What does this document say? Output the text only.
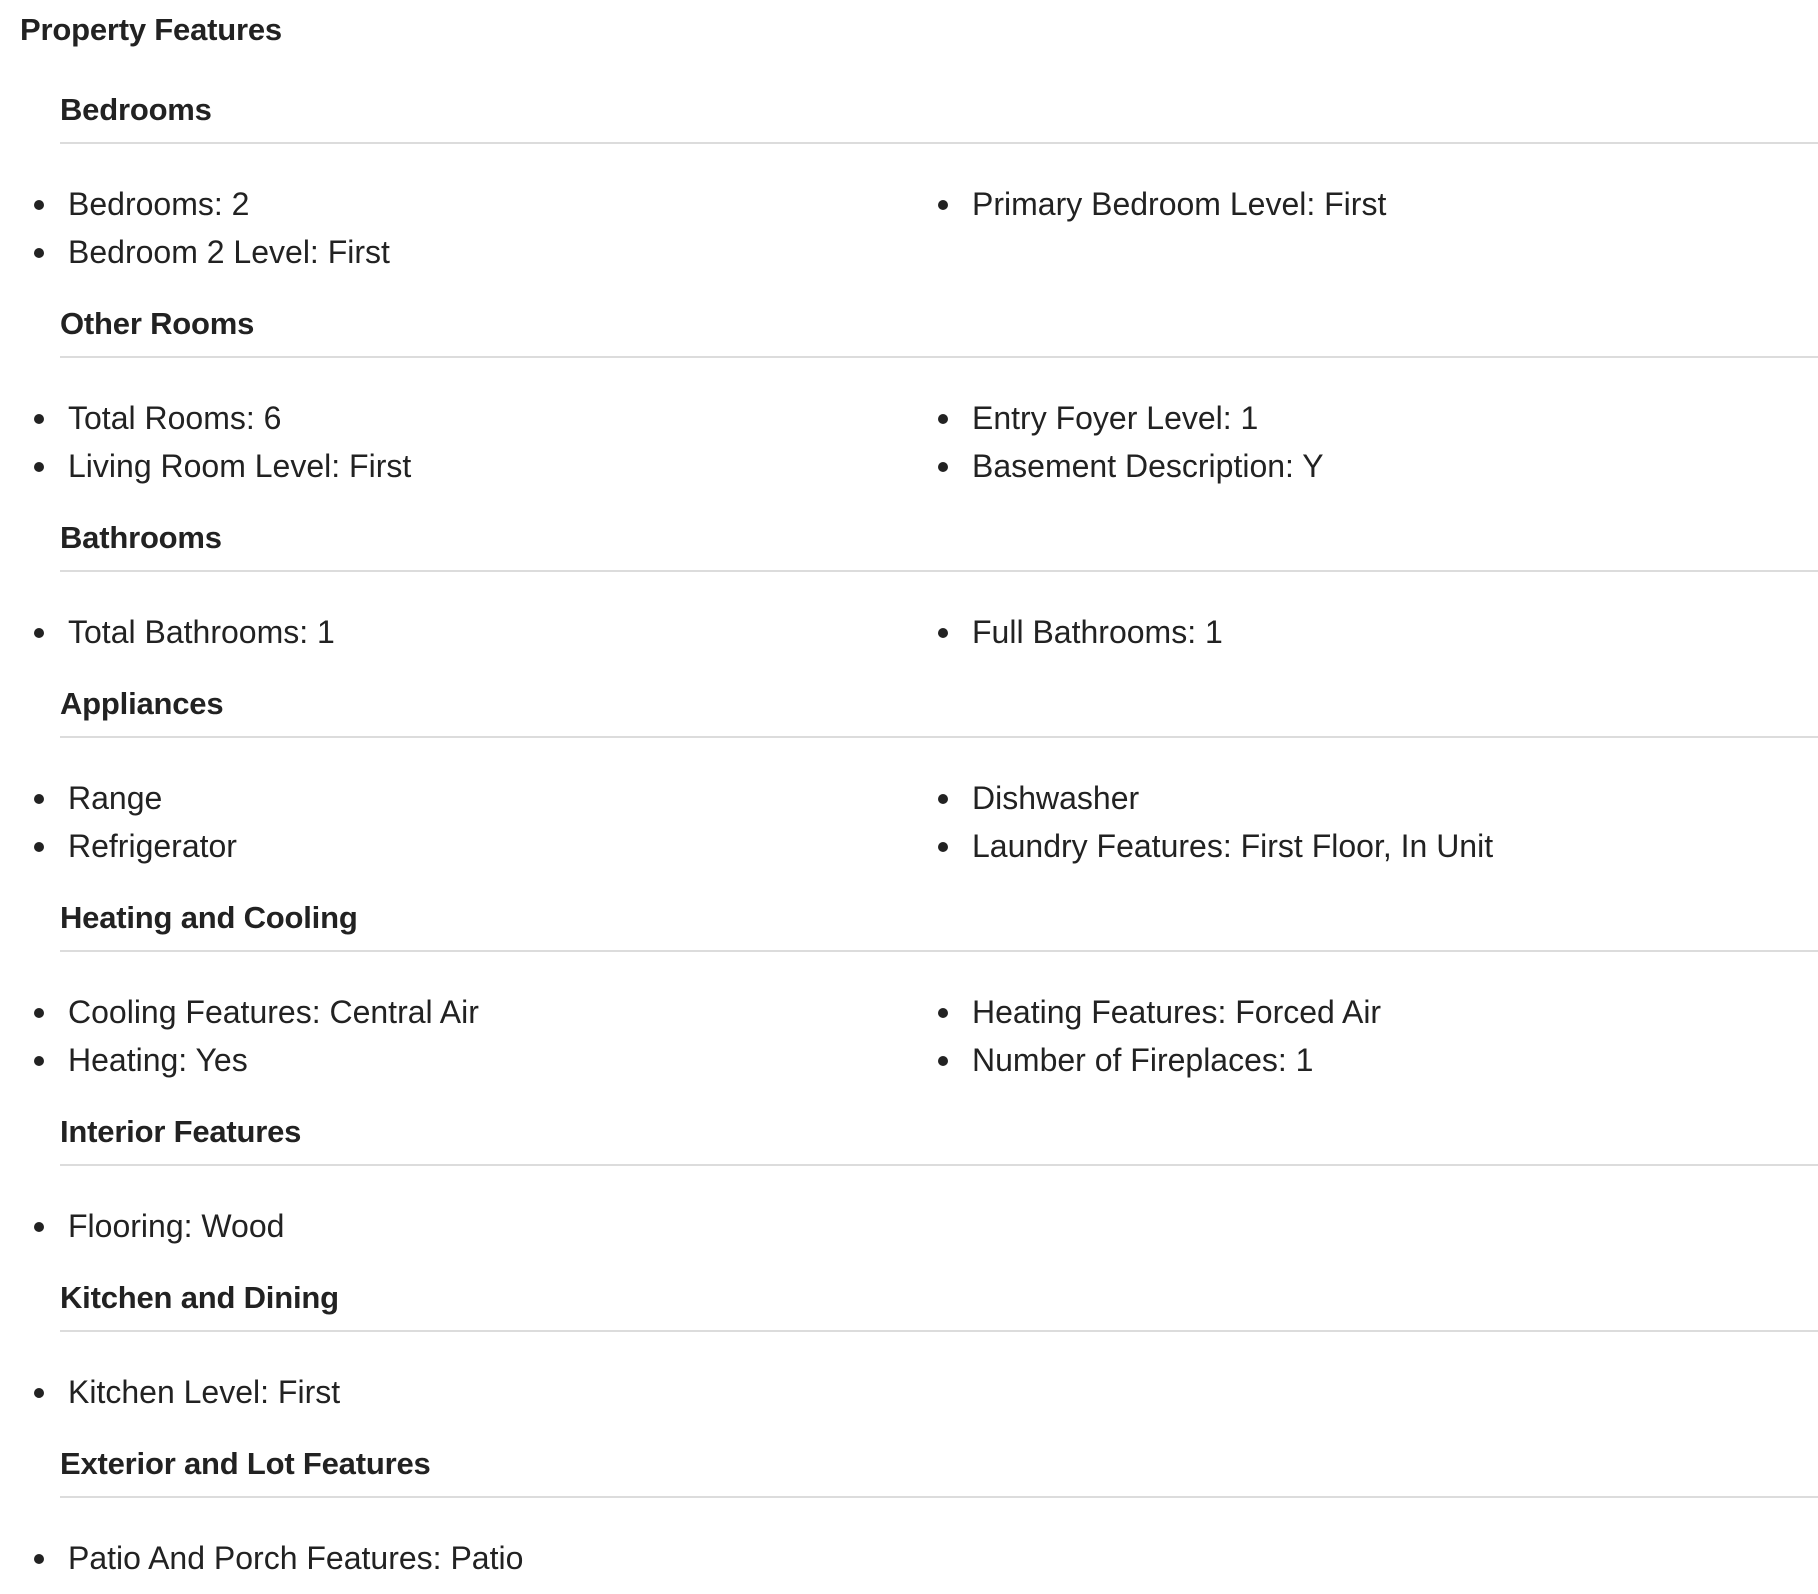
Property Features
Bedrooms
Bedrooms: 2
Bedroom 2 Level: First
Primary Bedroom Level: First
Other Rooms
Total Rooms: 6
Living Room Level: First
Entry Foyer Level: 1
Basement Description: Y
Bathrooms
Total Bathrooms: 1	Full Bathrooms: 1
Appliances
Range
Refrigerator
Dishwasher
Laundry Features: First Floor, In Unit
Heating and Cooling
Cooling Features: Central Air
Heating: Yes
Heating Features: Forced Air
Number of Fireplaces: 1
Interior Features
Flooring: Wood
Kitchen and Dining
Kitchen Level: First
Exterior and Lot Features
Patio And Porch Features: Patio
